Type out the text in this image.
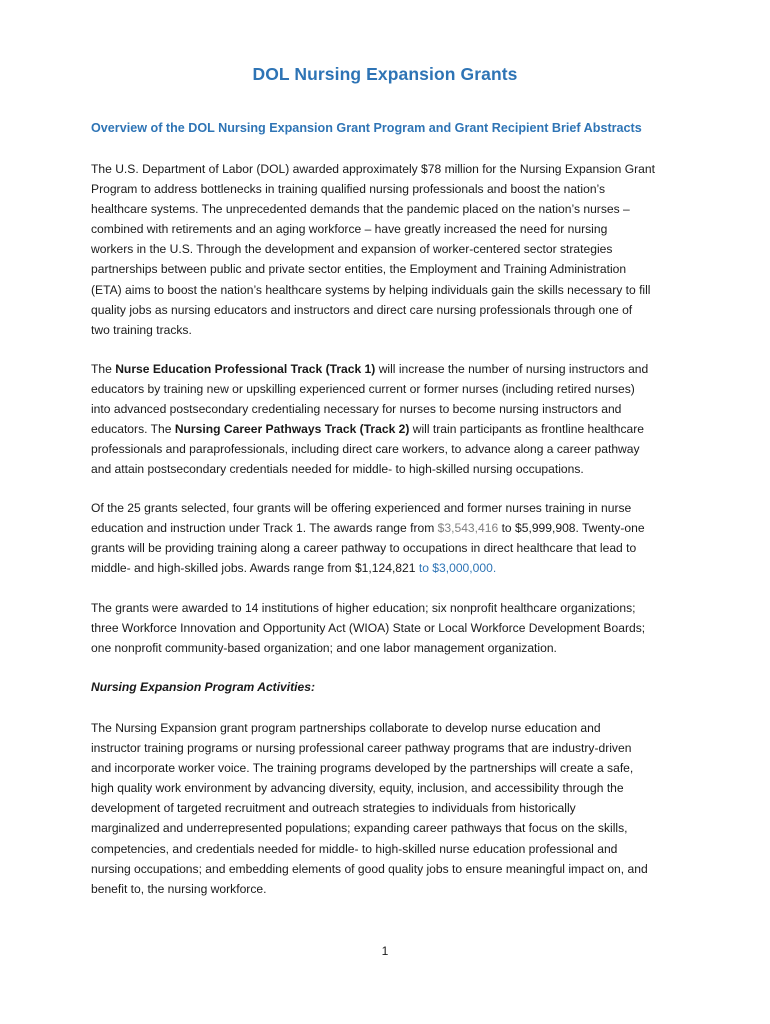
DOL Nursing Expansion Grants
Overview of the DOL Nursing Expansion Grant Program and Grant Recipient Brief Abstracts
The U.S. Department of Labor (DOL) awarded approximately $78 million for the Nursing Expansion Grant
Program to address bottlenecks in training qualified nursing professionals and boost the nation’s
healthcare systems. The unprecedented demands that the pandemic placed on the nation’s nurses –
combined with retirements and an aging workforce – have greatly increased the need for nursing
workers in the U.S. Through the development and expansion of worker-centered sector strategies
partnerships between public and private sector entities, the Employment and Training Administration
(ETA) aims to boost the nation’s healthcare systems by helping individuals gain the skills necessary to fill
quality jobs as nursing educators and instructors and direct care nursing professionals through one of
two training tracks.
The Nurse Education Professional Track (Track 1) will increase the number of nursing instructors and
educators by training new or upskilling experienced current or former nurses (including retired nurses)
into advanced postsecondary credentialing necessary for nurses to become nursing instructors and
educators. The Nursing Career Pathways Track (Track 2) will train participants as frontline healthcare
professionals and paraprofessionals, including direct care workers, to advance along a career pathway
and attain postsecondary credentials needed for middle- to high-skilled nursing occupations.
Of the 25 grants selected, four grants will be offering experienced and former nurses training in nurse
education and instruction under Track 1. The awards range from $3,543,416 to $5,999,908. Twenty-one
grants will be providing training along a career pathway to occupations in direct healthcare that lead to
middle- and high-skilled jobs. Awards range from $1,124,821 to $3,000,000.
The grants were awarded to 14 institutions of higher education; six nonprofit healthcare organizations;
three Workforce Innovation and Opportunity Act (WIOA) State or Local Workforce Development Boards;
one nonprofit community-based organization; and one labor management organization.
Nursing Expansion Program Activities:
The Nursing Expansion grant program partnerships collaborate to develop nurse education and
instructor training programs or nursing professional career pathway programs that are industry-driven
and incorporate worker voice. The training programs developed by the partnerships will create a safe,
high quality work environment by advancing diversity, equity, inclusion, and accessibility through the
development of targeted recruitment and outreach strategies to individuals from historically
marginalized and underrepresented populations; expanding career pathways that focus on the skills,
competencies, and credentials needed for middle- to high-skilled nurse education professional and
nursing occupations; and embedding elements of good quality jobs to ensure meaningful impact on, and
benefit to, the nursing workforce.
1
